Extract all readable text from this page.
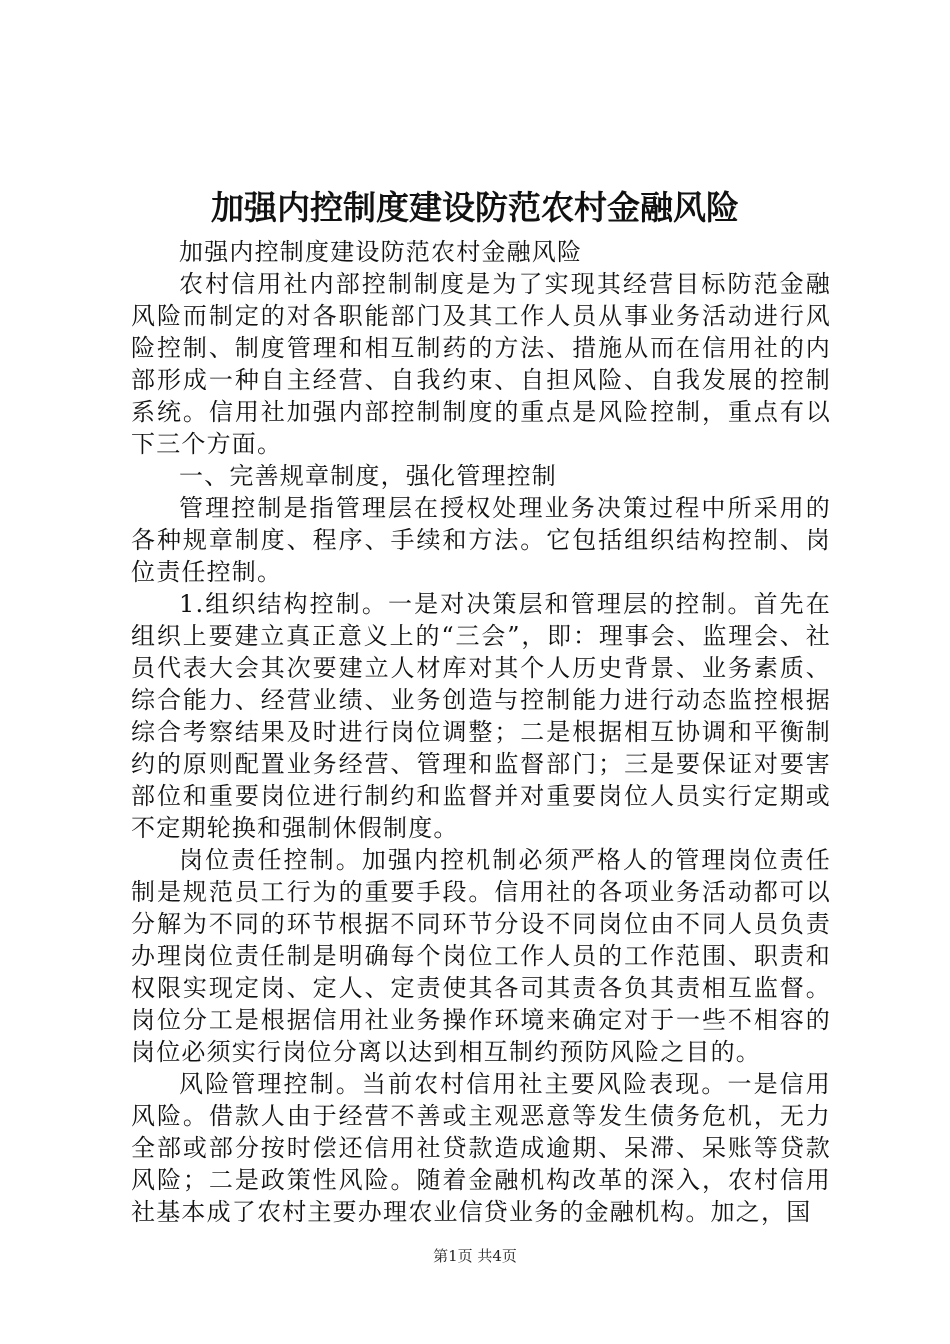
加强内控制度建设防范农村金融风险

加强内控制度建设防范农村金融风险

农村信用社内部控制制度是为了实现其经营目标防范金融风险而制定的对各职能部门及其工作人员从事业务活动进行风险控制、制度管理和相互制药的方法、措施从而在信用社的内部形成一种自主经营、自我约束、自担风险、自我发展的控制系统。信用社加强内部控制制度的重点是风险控制，重点有以下三个方面。

一、完善规章制度，强化管理控制

管理控制是指管理层在授权处理业务决策过程中所采用的各种规章制度、程序、手续和方法。它包括组织结构控制、岗位责任控制。

1.组织结构控制。一是对决策层和管理层的控制。首先在组织上要建立真正意义上的“三会”，即：理事会、监理会、社员代表大会其次要建立人材库对其个人历史背景、业务素质、综合能力、经营业绩、业务创造与控制能力进行动态监控根据综合考察结果及时进行岗位调整；二是根据相互协调和平衡制约的原则配置业务经营、管理和监督部门；三是要保证对要害部位和重要岗位进行制约和监督并对重要岗位人员实行定期或不定期轮换和强制休假制度。

岗位责任控制。加强内控机制必须严格人的管理岗位责任制是规范员工行为的重要手段。信用社的各项业务活动都可以分解为不同的环节根据不同环节分设不同岗位由不同人员负责办理岗位责任制是明确每个岗位工作人员的工作范围、职责和权限实现定岗、定人、定责使其各司其责各负其责相互监督。岗位分工是根据信用社业务操作环境来确定对于一些不相容的岗位必须实行岗位分离以达到相互制约预防风险之目的。

风险管理控制。当前农村信用社主要风险表现。一是信用风险。借款人由于经营不善或主观恶意等发生债务危机，无力全部或部分按时偿还信用社贷款造成逾期、呆滞、呆账等贷款风险；二是政策性风险。随着金融机构改革的深入，农村信用社基本成了农村主要办理农业信贷业务的金融机构。加之，国

第1页 共4页
